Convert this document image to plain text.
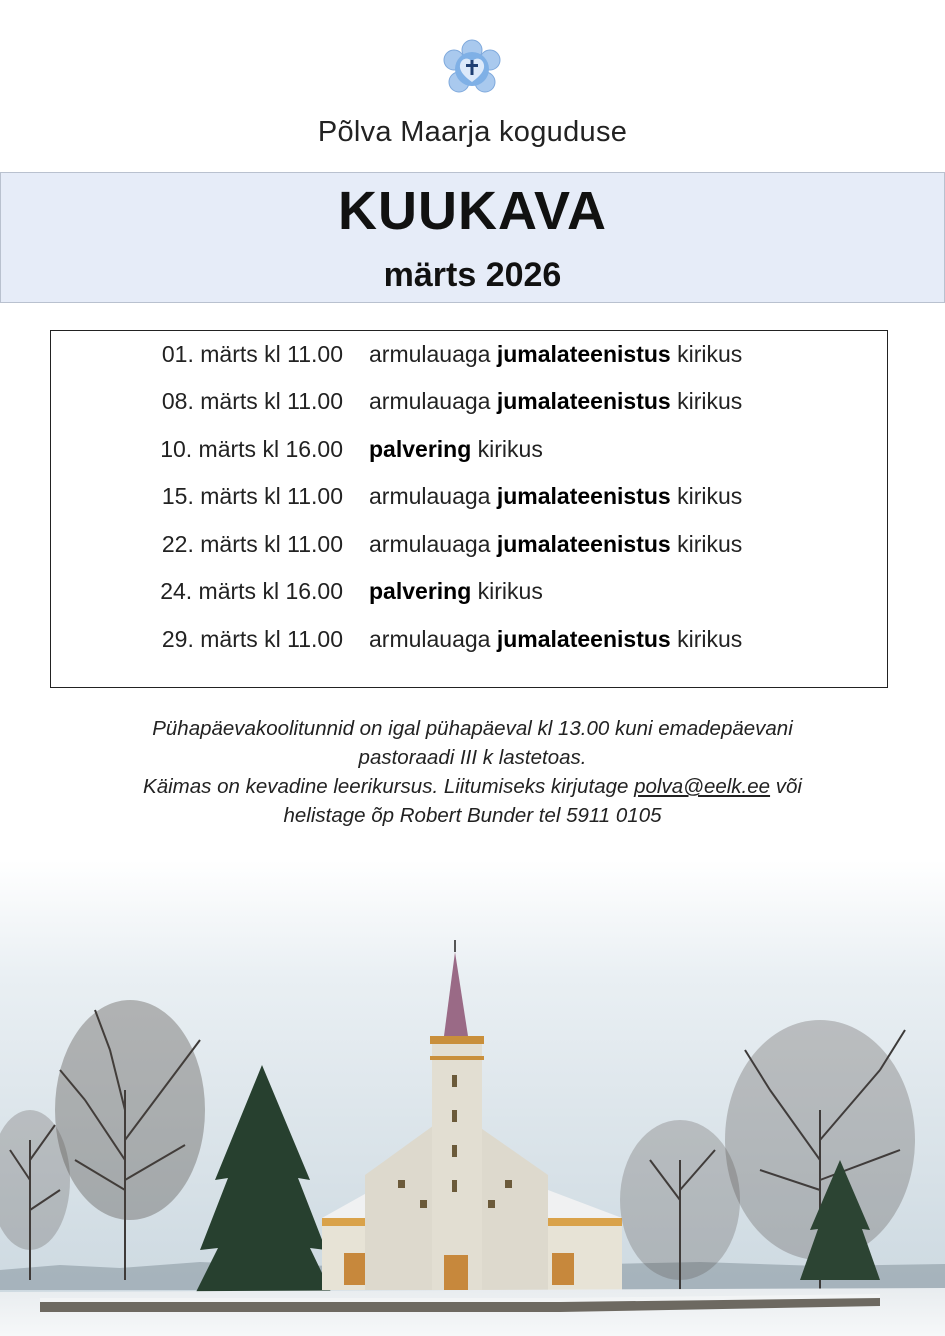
Põlva Maarja koguduse
KUUKAVA
märts 2026
01. märts kl 11.00 armulauaga jumalateenistus kirikus
08. märts kl 11.00 armulauaga jumalateenistus kirikus
10. märts kl 16.00 palvering kirikus
15. märts kl 11.00 armulauaga jumalateenistus kirikus
22. märts kl 11.00 armulauaga jumalateenistus kirikus
24. märts kl 16.00 palvering kirikus
29. märts kl 11.00 armulauaga jumalateenistus kirikus
Pühapäevakoolitunnid on igal pühapäeval kl 13.00 kuni emadepäevani
pastoraadi III k lastetoas.
Käimas on kevadine leerikursus. Liitumiseks kirjutage polva@eelk.ee või
helistage õp Robert Bunder tel 5911 0105
